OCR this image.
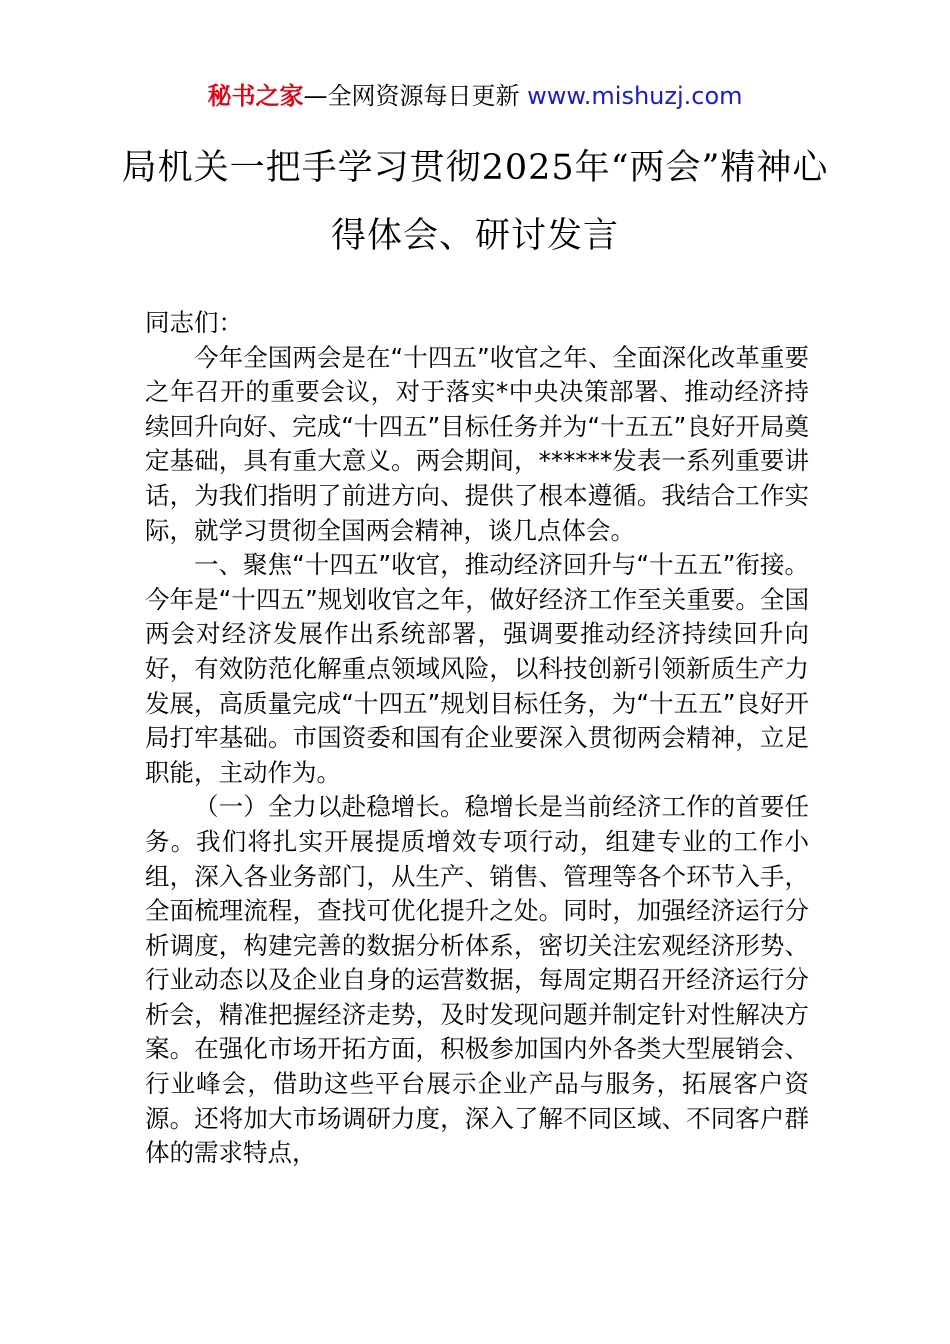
秘书之家—全网资源每日更新 www.mishuzj.com
局机关一把手学习贯彻2025年“两会”精神心得体会、研讨发言

同志们：

今年全国两会是在“十四五”收官之年、全面深化改革重要之年召开的重要会议，对于落实*中央决策部署、推动经济持续回升向好、完成“十四五”目标任务并为“十五五”良好开局奠定基础，具有重大意义。两会期间，******发表一系列重要讲话，为我们指明了前进方向、提供了根本遵循。我结合工作实际，就学习贯彻全国两会精神，谈几点体会。

一、聚焦“十四五”收官，推动经济回升与“十五五”衔接。今年是“十四五”规划收官之年，做好经济工作至关重要。全国两会对经济发展作出系统部署，强调要推动经济持续回升向好，有效防范化解重点领域风险，以科技创新引领新质生产力发展，高质量完成“十四五”规划目标任务，为“十五五”良好开局打牢基础。市国资委和国有企业要深入贯彻两会精神，立足职能，主动作为。

（一）全力以赴稳增长。稳增长是当前经济工作的首要任务。我们将扎实开展提质增效专项行动，组建专业的工作小组，深入各业务部门，从生产、销售、管理等各个环节入手，全面梳理流程，查找可优化提升之处。同时，加强经济运行分析调度，构建完善的数据分析体系，密切关注宏观经济形势、行业动态以及企业自身的运营数据，每周定期召开经济运行分析会，精准把握经济走势，及时发现问题并制定针对性解决方案。在强化市场开拓方面，积极参加国内外各类大型展销会、行业峰会，借助这些平台展示企业产品与服务，拓展客户资源。还将加大市场调研力度，深入了解不同区域、不同客户群体的需求特点，
